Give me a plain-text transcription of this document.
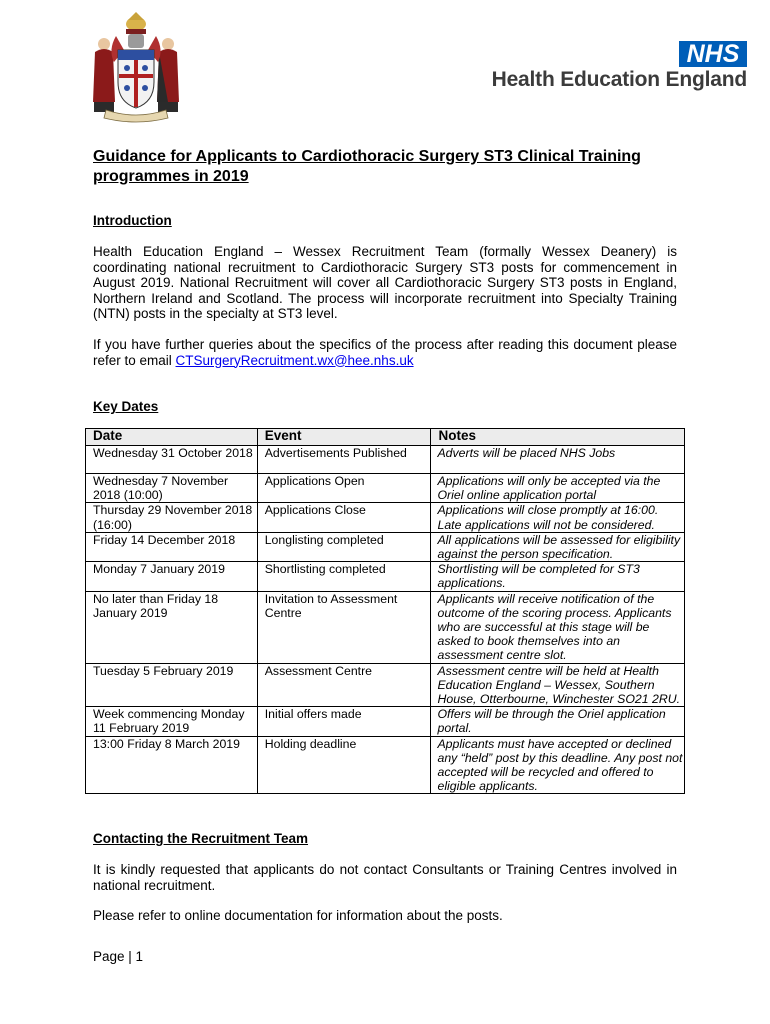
NHS
Health Education England
Guidance for Applicants to Cardiothoracic Surgery ST3 Clinical Training programmes in 2019
Introduction

Health Education England – Wessex Recruitment Team (formally Wessex Deanery) is coordinating national recruitment to Cardiothoracic Surgery ST3 posts for commencement in August 2019. National Recruitment will cover all Cardiothoracic Surgery ST3 posts in England, Northern Ireland and Scotland. The process will incorporate recruitment into Specialty Training (NTN) posts in the specialty at ST3 level.

If you have further queries about the specifics of the process after reading this document please refer to email CTSurgeryRecruitment.wx@hee.nhs.uk

Key Dates
Date	Event	Notes
Wednesday 31 October 2018	Advertisements Published	Adverts will be placed NHS Jobs
Wednesday 7 November 2018 (10:00)	Applications Open	Applications will only be accepted via the Oriel online application portal
Thursday 29 November 2018 (16:00)	Applications Close	Applications will close promptly at 16:00. Late applications will not be considered.
Friday 14 December 2018	Longlisting completed	All applications will be assessed for eligibility against the person specification.
Monday 7 January 2019	Shortlisting completed	Shortlisting will be completed for ST3 applications.
No later than Friday 18 January 2019	Invitation to Assessment Centre	Applicants will receive notification of the outcome of the scoring process. Applicants who are successful at this stage will be asked to book themselves into an assessment centre slot.
Tuesday 5 February 2019	Assessment Centre	Assessment centre will be held at Health Education England – Wessex, Southern House, Otterbourne, Winchester SO21 2RU.
Week commencing Monday 11 February 2019	Initial offers made	Offers will be through the Oriel application portal.
13:00 Friday 8 March 2019	Holding deadline	Applicants must have accepted or declined any “held” post by this deadline. Any post not accepted will be recycled and offered to eligible applicants.
Contacting the Recruitment Team

It is kindly requested that applicants do not contact Consultants or Training Centres involved in national recruitment.

Please refer to online documentation for information about the posts.

Page | 1
